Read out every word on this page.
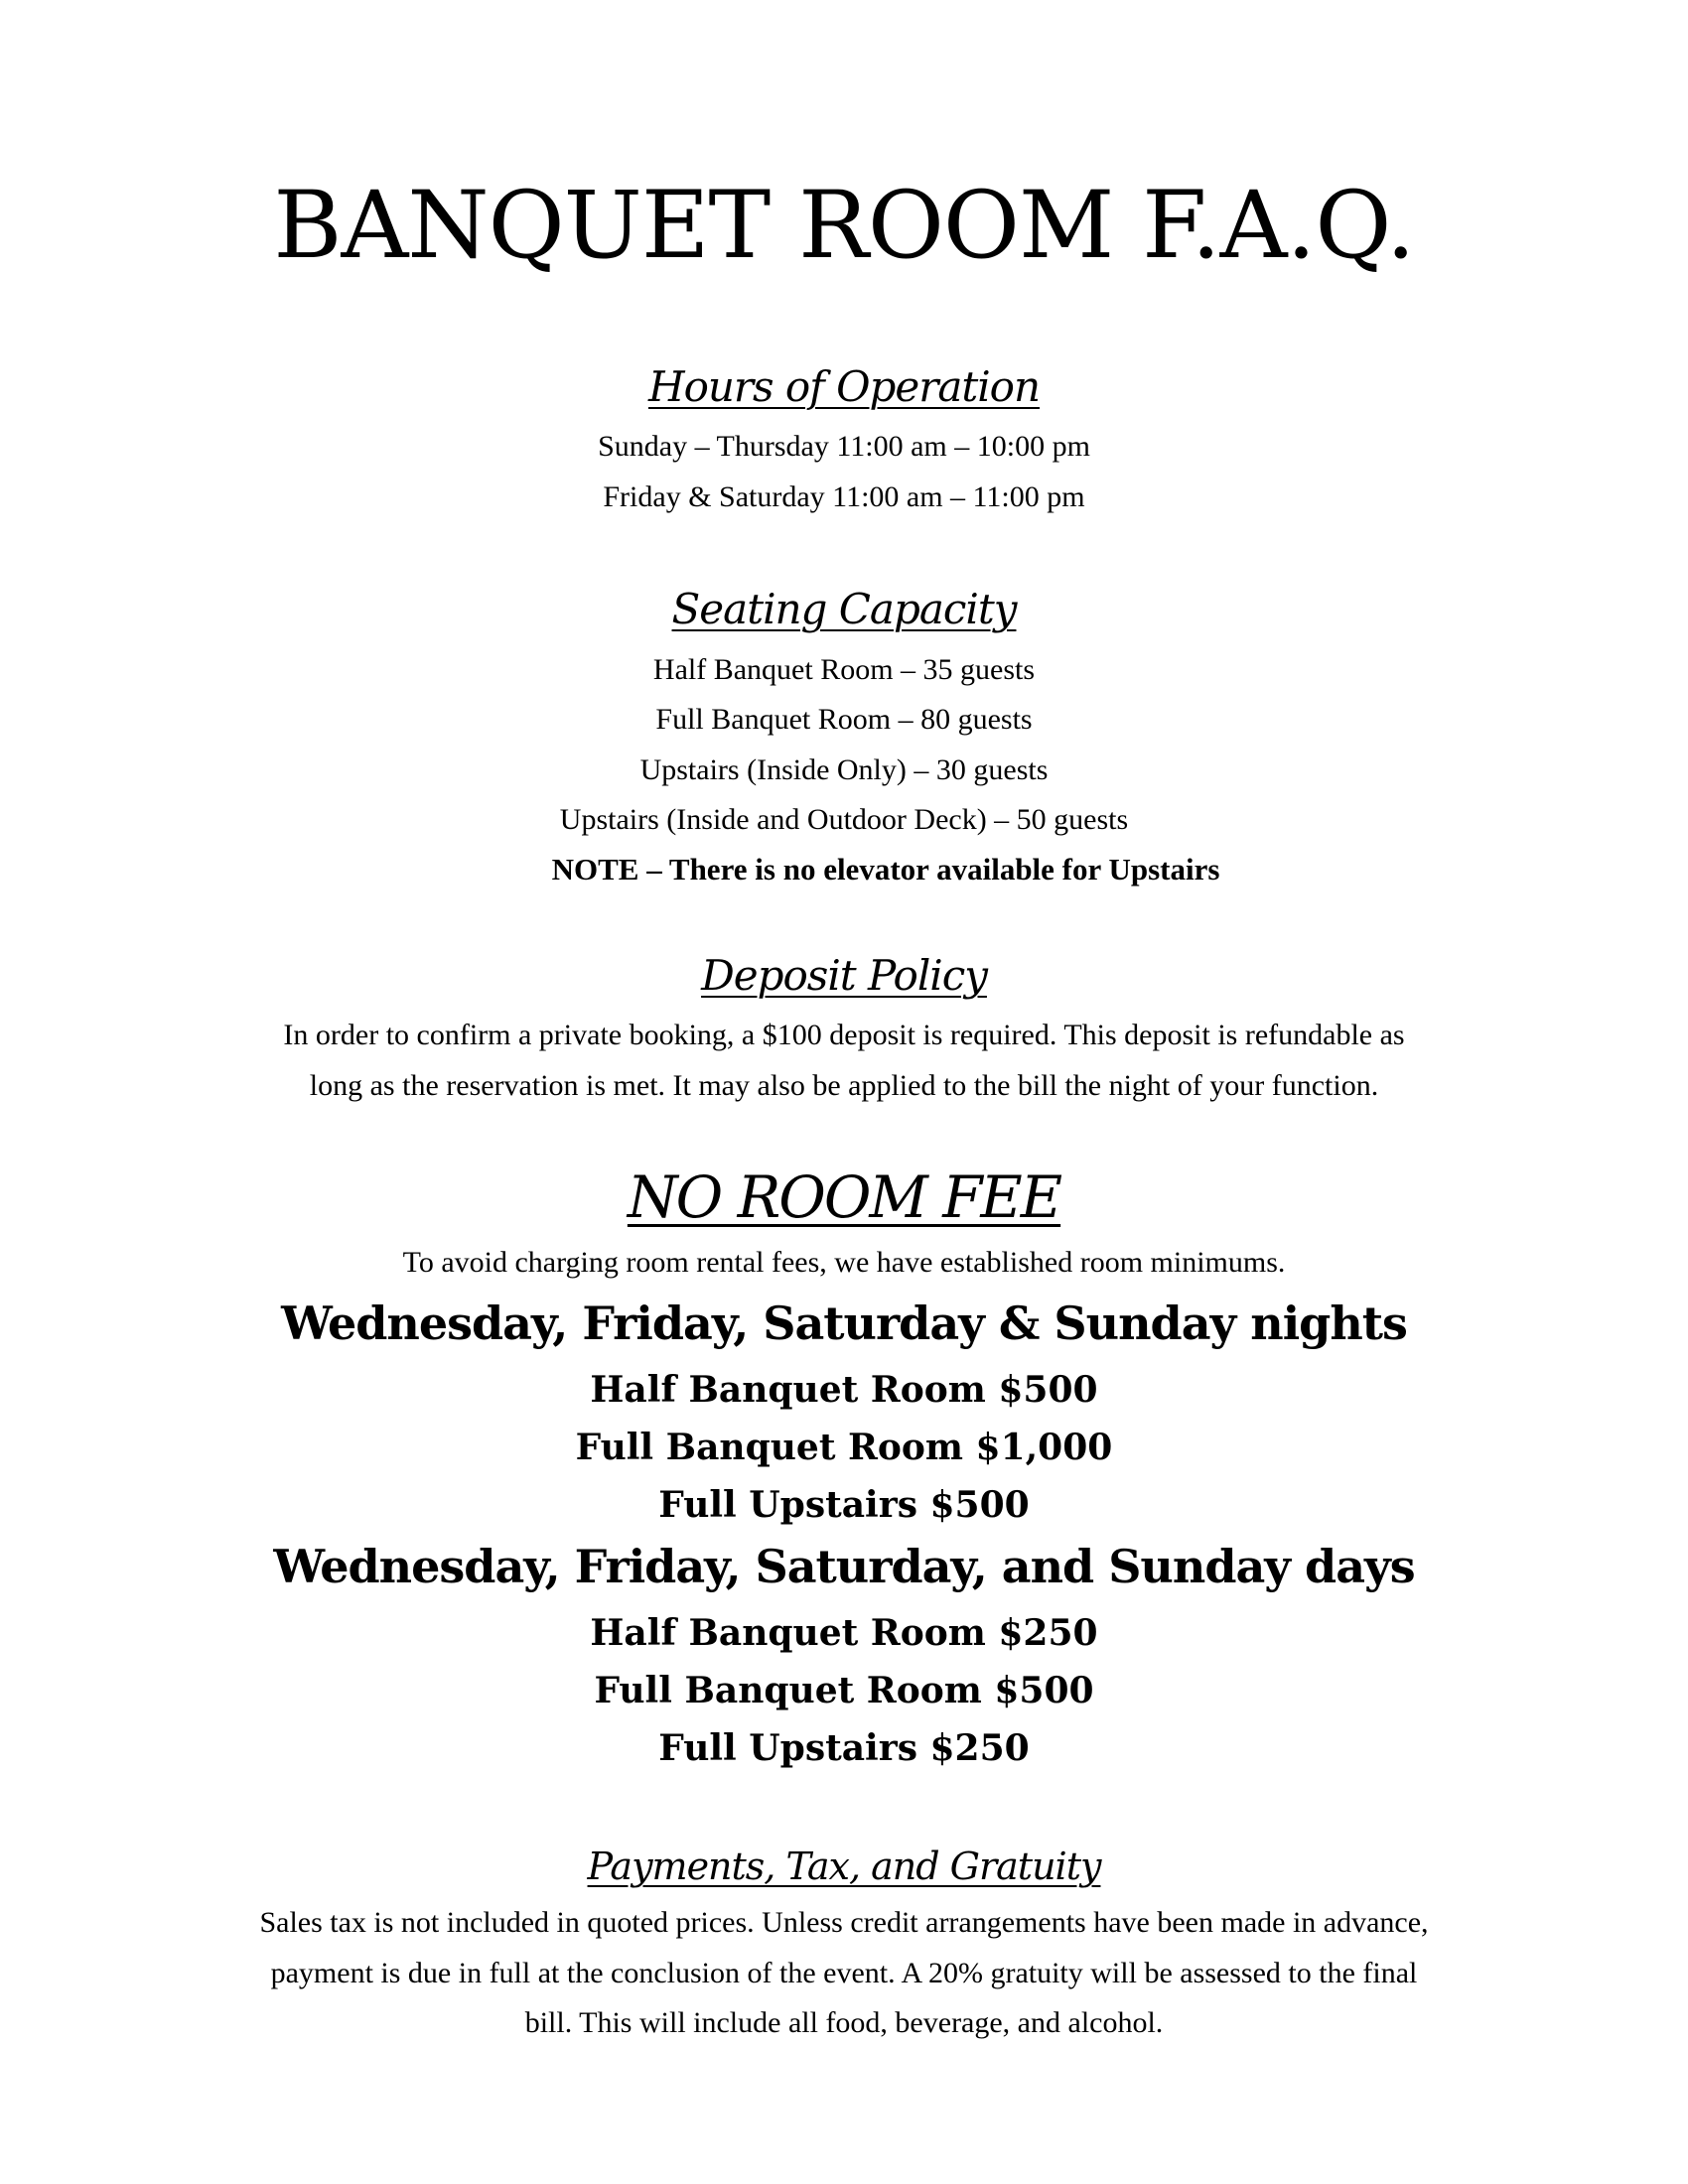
BANQUET ROOM F.A.Q.
Hours of Operation
Sunday – Thursday 11:00 am – 10:00 pm
Friday & Saturday 11:00 am – 11:00 pm
Seating Capacity
Half Banquet Room – 35 guests
Full Banquet Room – 80 guests
Upstairs (Inside Only) – 30 guests
Upstairs (Inside and Outdoor Deck) – 50 guests
NOTE – There is no elevator available for Upstairs
Deposit Policy
In order to confirm a private booking, a $100 deposit is required. This deposit is refundable as
long as the reservation is met. It may also be applied to the bill the night of your function.
NO ROOM FEE
To avoid charging room rental fees, we have established room minimums.
Wednesday, Friday, Saturday & Sunday nights
Half Banquet Room $500
Full Banquet Room $1,000
Full Upstairs $500
Wednesday, Friday, Saturday, and Sunday days
Half Banquet Room $250
Full Banquet Room $500
Full Upstairs $250
Payments, Tax, and Gratuity
Sales tax is not included in quoted prices. Unless credit arrangements have been made in advance,
payment is due in full at the conclusion of the event. A 20% gratuity will be assessed to the final
bill. This will include all food, beverage, and alcohol.
